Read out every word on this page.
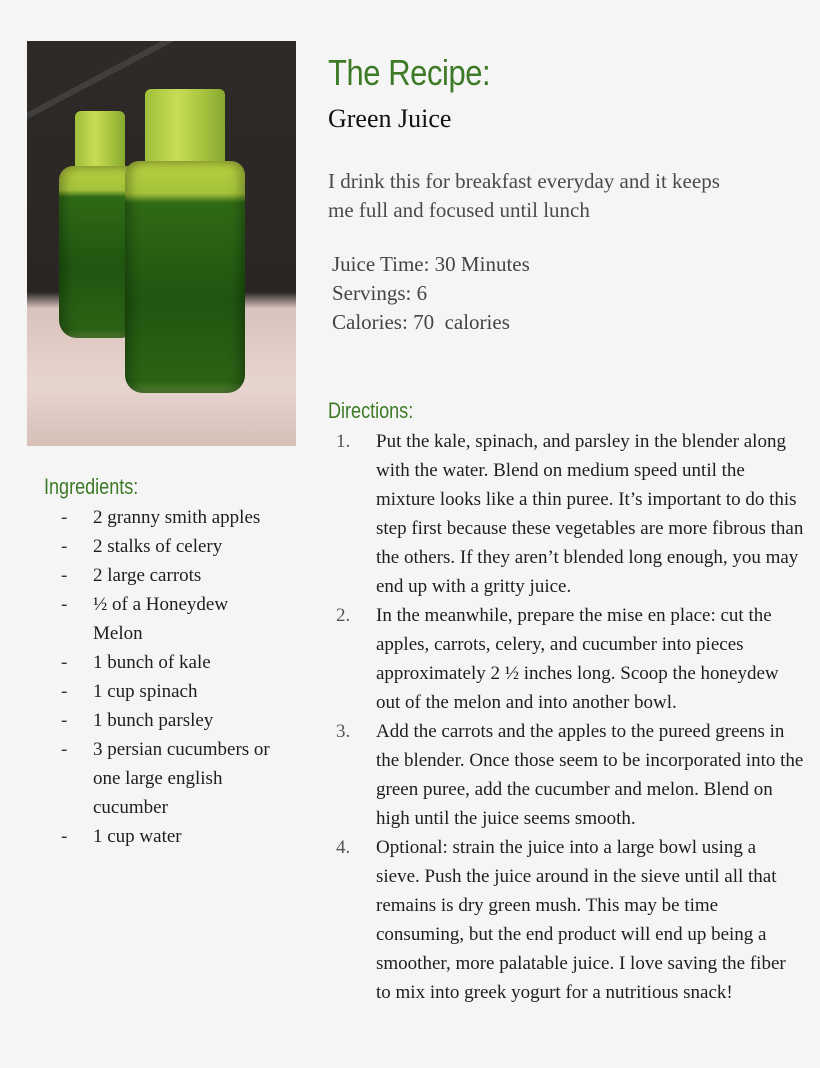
The Recipe:
Green Juice
I drink this for breakfast everyday and it keeps me full and focused until lunch
Juice Time: 30 Minutes
Servings: 6
Calories: 70  calories
Ingredients:
- 2 granny smith apples
- 2 stalks of celery
- 2 large carrots
- ½ of a Honeydew Melon
- 1 bunch of kale
- 1 cup spinach
- 1 bunch parsley
- 3 persian cucumbers or one large english cucumber
- 1 cup water
Directions:
1. Put the kale, spinach, and parsley in the blender along with the water. Blend on medium speed until the mixture looks like a thin puree. It’s important to do this step first because these vegetables are more fibrous than the others. If they aren’t blended long enough, you may end up with a gritty juice.
2. In the meanwhile, prepare the mise en place: cut the apples, carrots, celery, and cucumber into pieces approximately 2 ½ inches long. Scoop the honeydew out of the melon and into another bowl.
3. Add the carrots and the apples to the pureed greens in the blender. Once those seem to be incorporated into the green puree, add the cucumber and melon. Blend on high until the juice seems smooth.
4. Optional: strain the juice into a large bowl using a sieve. Push the juice around in the sieve until all that remains is dry green mush. This may be time consuming, but the end product will end up being a smoother, more palatable juice. I love saving the fiber to mix into greek yogurt for a nutritious snack!
